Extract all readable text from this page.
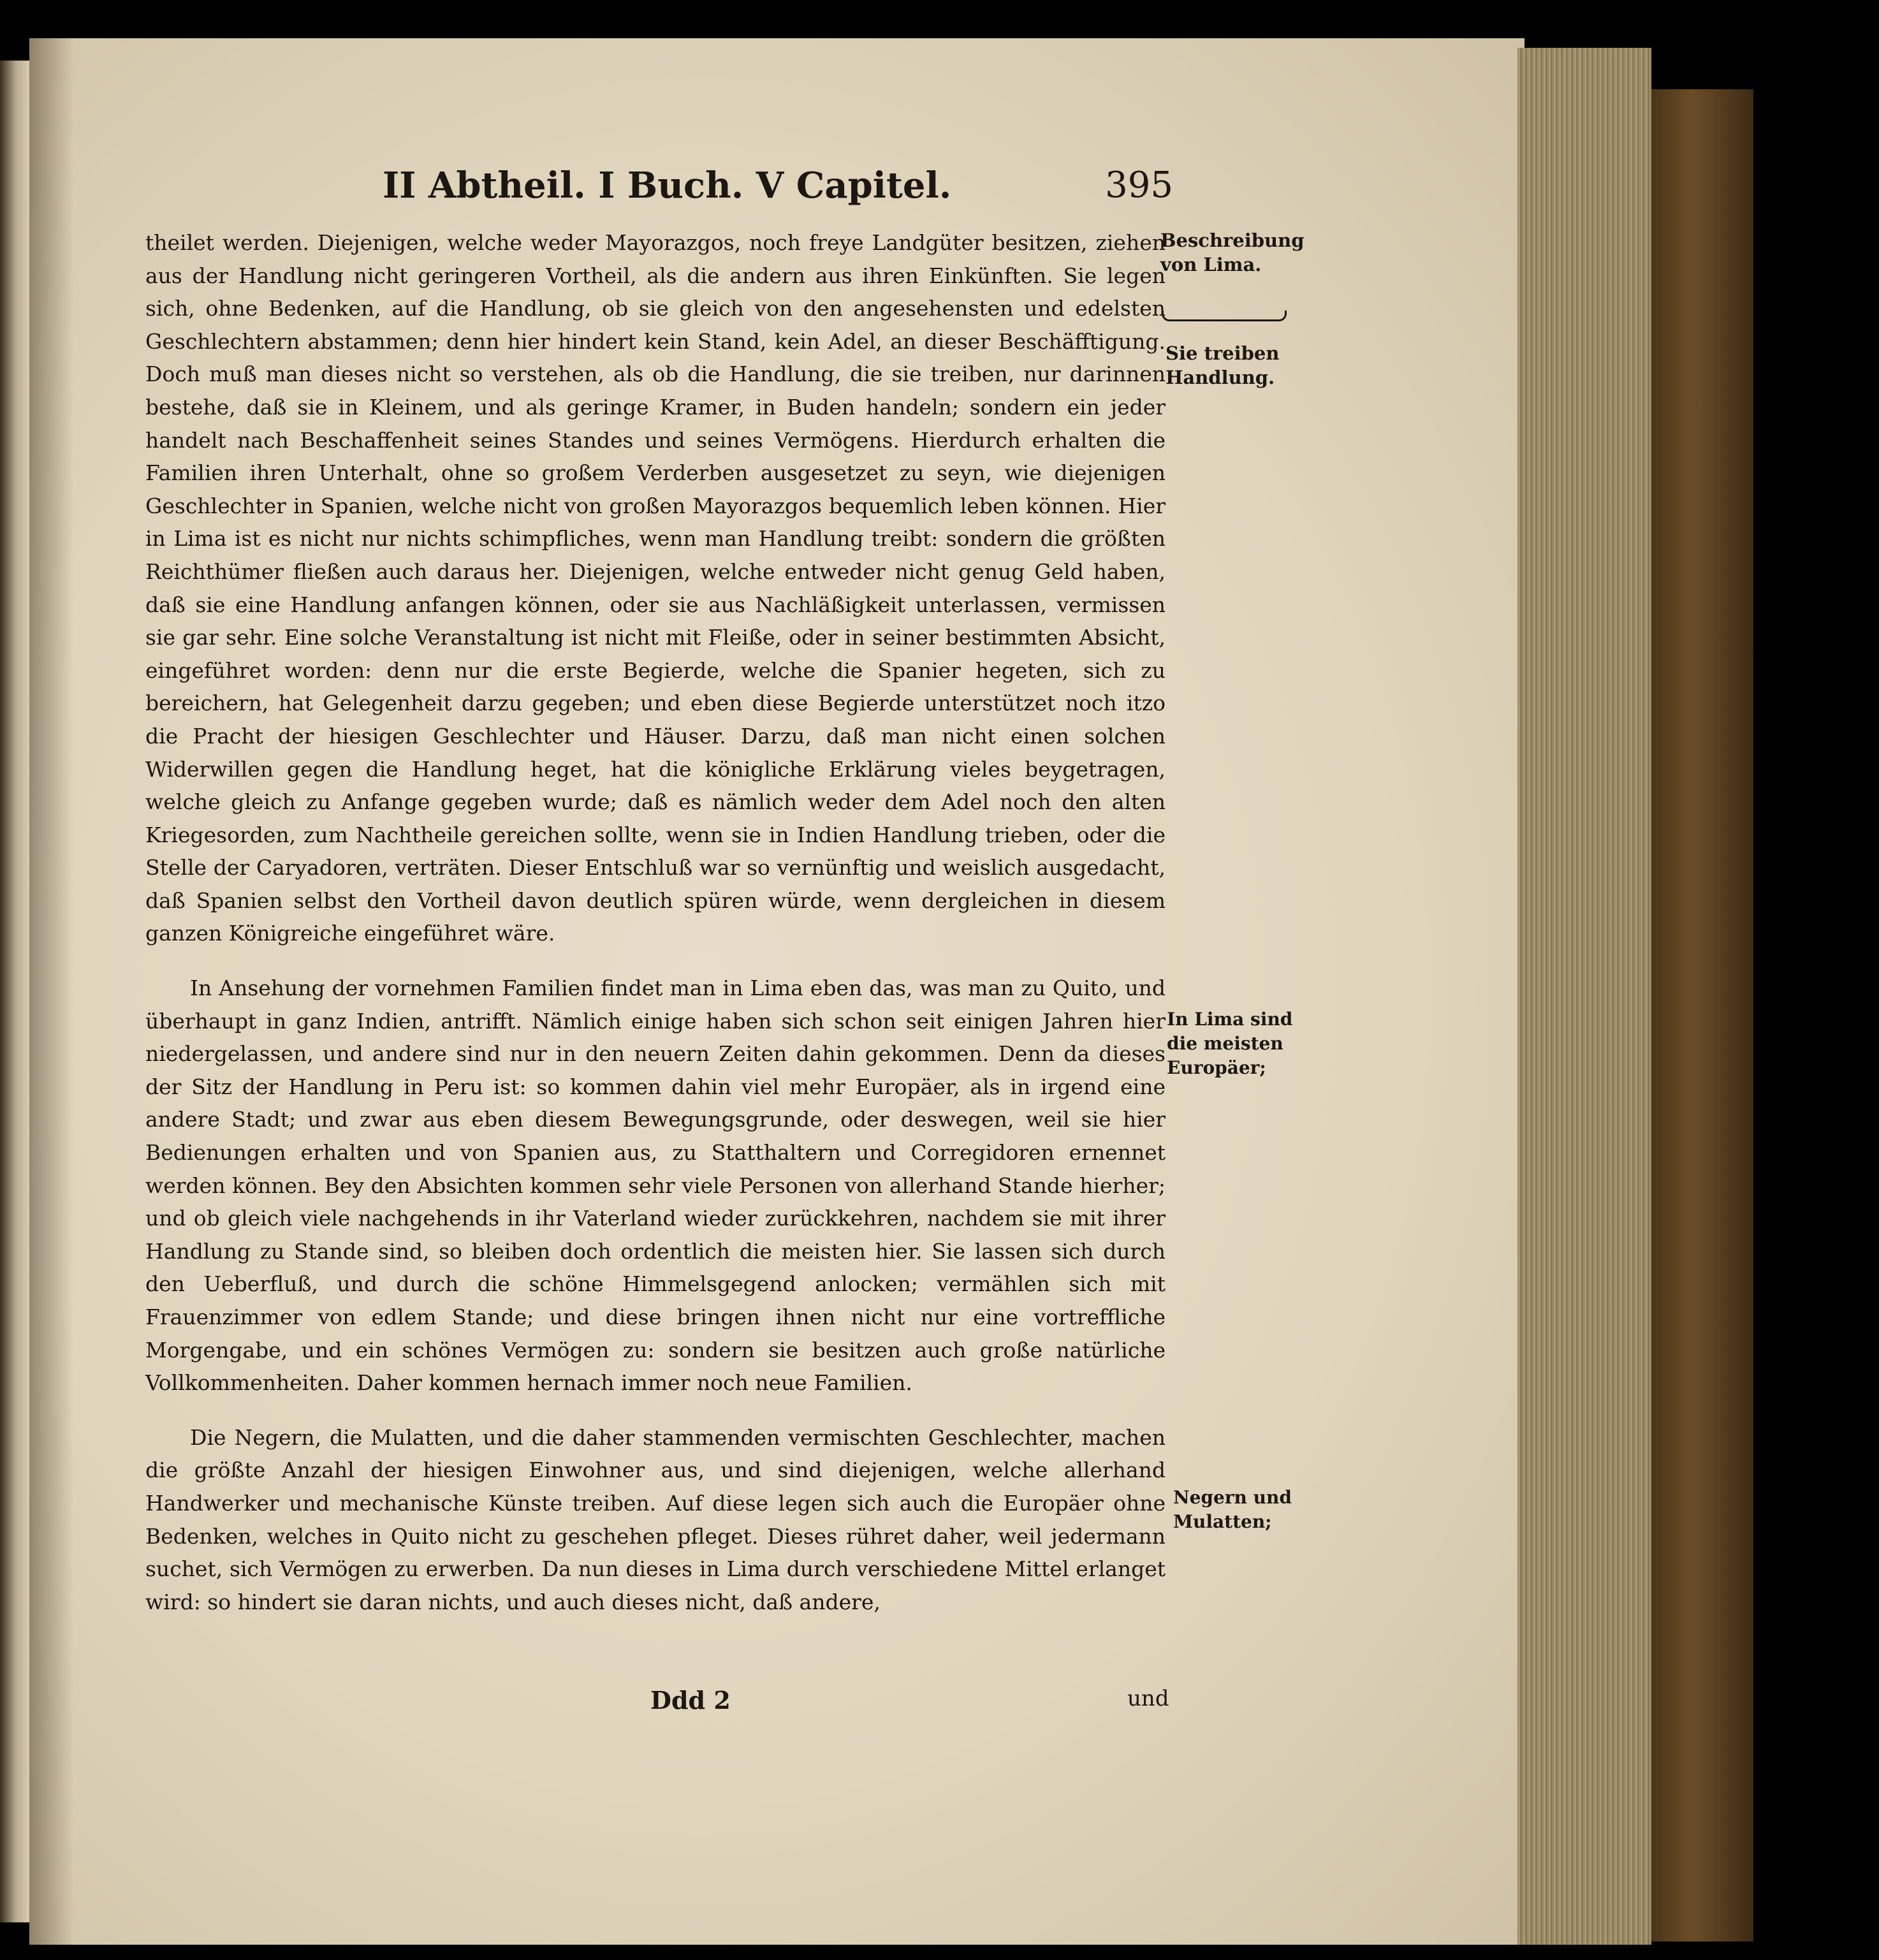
II Abtheil. I Buch. V Capitel.	395

theilet werden. Diejenigen, welche weder Mayorazgos, noch freye Landgüter besitzen, ziehen aus der Handlung nicht geringeren Vortheil, als die andern aus ihren Einkünften. Sie legen sich, ohne Bedenken, auf die Handlung, ob sie gleich von den angesehensten und edelsten Geschlechtern abstammen; denn hier hindert kein Stand, kein Adel, an dieser Beschäfftigung. Doch muß man dieses nicht so verstehen, als ob die Handlung, die sie treiben, nur darinnen bestehe, daß sie in Kleinem, und als geringe Kramer, in Buden handeln; sondern ein jeder handelt nach Beschaffenheit seines Standes und seines Vermögens. Hierdurch erhalten die Familien ihren Unterhalt, ohne so großem Verderben ausgesetzet zu seyn, wie diejenigen Geschlechter in Spanien, welche nicht von großen Mayorazgos bequemlich leben können. Hier in Lima ist es nicht nur nichts schimpfliches, wenn man Handlung treibt: sondern die größten Reichthümer fließen auch daraus her. Diejenigen, welche entweder nicht genug Geld haben, daß sie eine Handlung anfangen können, oder sie aus Nachläßigkeit unterlassen, vermissen sie gar sehr. Eine solche Veranstaltung ist nicht mit Fleiße, oder in seiner bestimmten Absicht, eingeführet worden: denn nur die erste Begierde, welche die Spanier hegeten, sich zu bereichern, hat Gelegenheit darzu gegeben; und eben diese Begierde unterstützet noch itzo die Pracht der hiesigen Geschlechter und Häuser. Darzu, daß man nicht einen solchen Widerwillen gegen die Handlung heget, hat die königliche Erklärung vieles beygetragen, welche gleich zu Anfange gegeben wurde; daß es nämlich weder dem Adel noch den alten Kriegesorden, zum Nachtheile gereichen sollte, wenn sie in Indien Handlung trieben, oder die Stelle der Caryadoren, verträten. Dieser Entschluß war so vernünftig und weislich ausgedacht, daß Spanien selbst den Vortheil davon deutlich spüren würde, wenn dergleichen in diesem ganzen Königreiche eingeführet wäre.

In Ansehung der vornehmen Familien findet man in Lima eben das, was man zu Quito, und überhaupt in ganz Indien, antrifft. Nämlich einige haben sich schon seit einigen Jahren hier niedergelassen, und andere sind nur in den neuern Zeiten dahin gekommen. Denn da dieses der Sitz der Handlung in Peru ist: so kommen dahin viel mehr Europäer, als in irgend eine andere Stadt; und zwar aus eben diesem Bewegungsgrunde, oder deswegen, weil sie hier Bedienungen erhalten und von Spanien aus, zu Statthaltern und Corregidoren ernennet werden können. Bey den Absichten kommen sehr viele Personen von allerhand Stande hierher; und ob gleich viele nachgehends in ihr Vaterland wieder zurückkehren, nachdem sie mit ihrer Handlung zu Stande sind, so bleiben doch ordentlich die meisten hier. Sie lassen sich durch den Ueberfluß, und durch die schöne Himmelsgegend anlocken; vermählen sich mit Frauenzimmer von edlem Stande; und diese bringen ihnen nicht nur eine vortreffliche Morgengabe, und ein schönes Vermögen zu: sondern sie besitzen auch große natürliche Vollkommenheiten. Daher kommen hernach immer noch neue Familien.

Die Negern, die Mulatten, und die daher stammenden vermischten Geschlechter, machen die größte Anzahl der hiesigen Einwohner aus, und sind diejenigen, welche allerhand Handwerker und mechanische Künste treiben. Auf diese legen sich auch die Europäer ohne Bedenken, welches in Quito nicht zu geschehen pfleget. Dieses rühret daher, weil jedermann suchet, sich Vermögen zu erwerben. Da nun dieses in Lima durch verschiedene Mittel erlanget wird: so hindert sie daran nichts, und auch dieses nicht, daß andere,

Beschreibung von Lima.
Sie treiben Handlung.
In Lima sind die meisten Europäer;
Negern und Mulatten;
Ddd 2	und
